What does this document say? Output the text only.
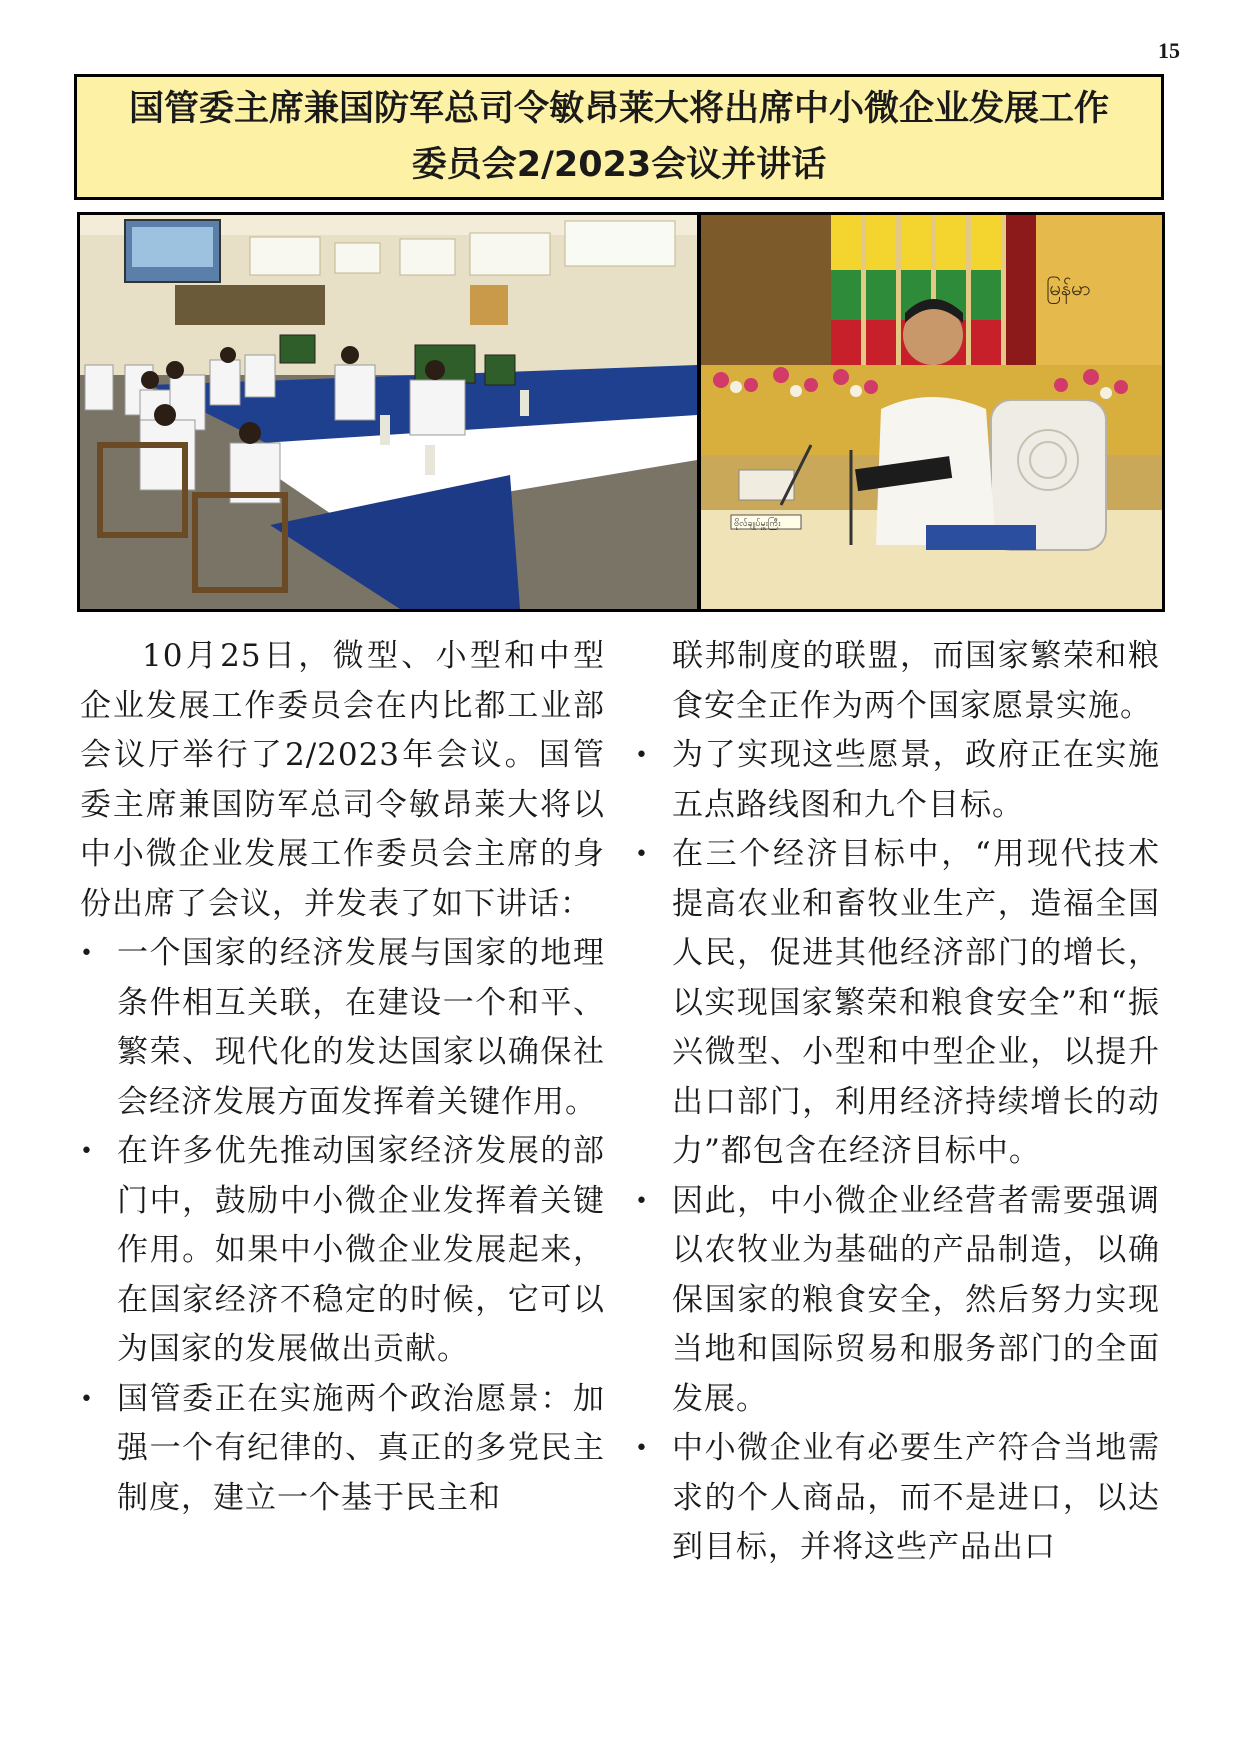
15
国管委主席兼国防军总司令敏昂莱大将出席中小微企业发展工作
委员会2/2023会议并讲话
မြန်မာ
ဗိုလ်ချုပ်မှူးကြီး

10月25日，微型、小型和中型企业发展工作委员会在内比都工业部会议厅举行了2/2023年会议。国管委主席兼国防军总司令敏昂莱大将以中小微企业发展工作委员会主席的身份出席了会议，并发表了如下讲话：

• 一个国家的经济发展与国家的地理条件相互关联，在建设一个和平、繁荣、现代化的发达国家以确保社会经济发展方面发挥着关键作用。

• 在许多优先推动国家经济发展的部门中，鼓励中小微企业发挥着关键作用。如果中小微企业发展起来，在国家经济不稳定的时候，它可以为国家的发展做出贡献。

• 国管委正在实施两个政治愿景：加强一个有纪律的、真正的多党民主制度，建立一个基于民主和

联邦制度的联盟，而国家繁荣和粮食安全正作为两个国家愿景实施。

• 为了实现这些愿景，政府正在实施五点路线图和九个目标。

• 在三个经济目标中，“用现代技术提高农业和畜牧业生产，造福全国人民，促进其他经济部门的增长，以实现国家繁荣和粮食安全”和“振兴微型、小型和中型企业，以提升出口部门，利用经济持续增长的动力”都包含在经济目标中。

• 因此，中小微企业经营者需要强调以农牧业为基础的产品制造，以确保国家的粮食安全，然后努力实现当地和国际贸易和服务部门的全面发展。

• 中小微企业有必要生产符合当地需求的个人商品，而不是进口，以达到目标，并将这些产品出口
